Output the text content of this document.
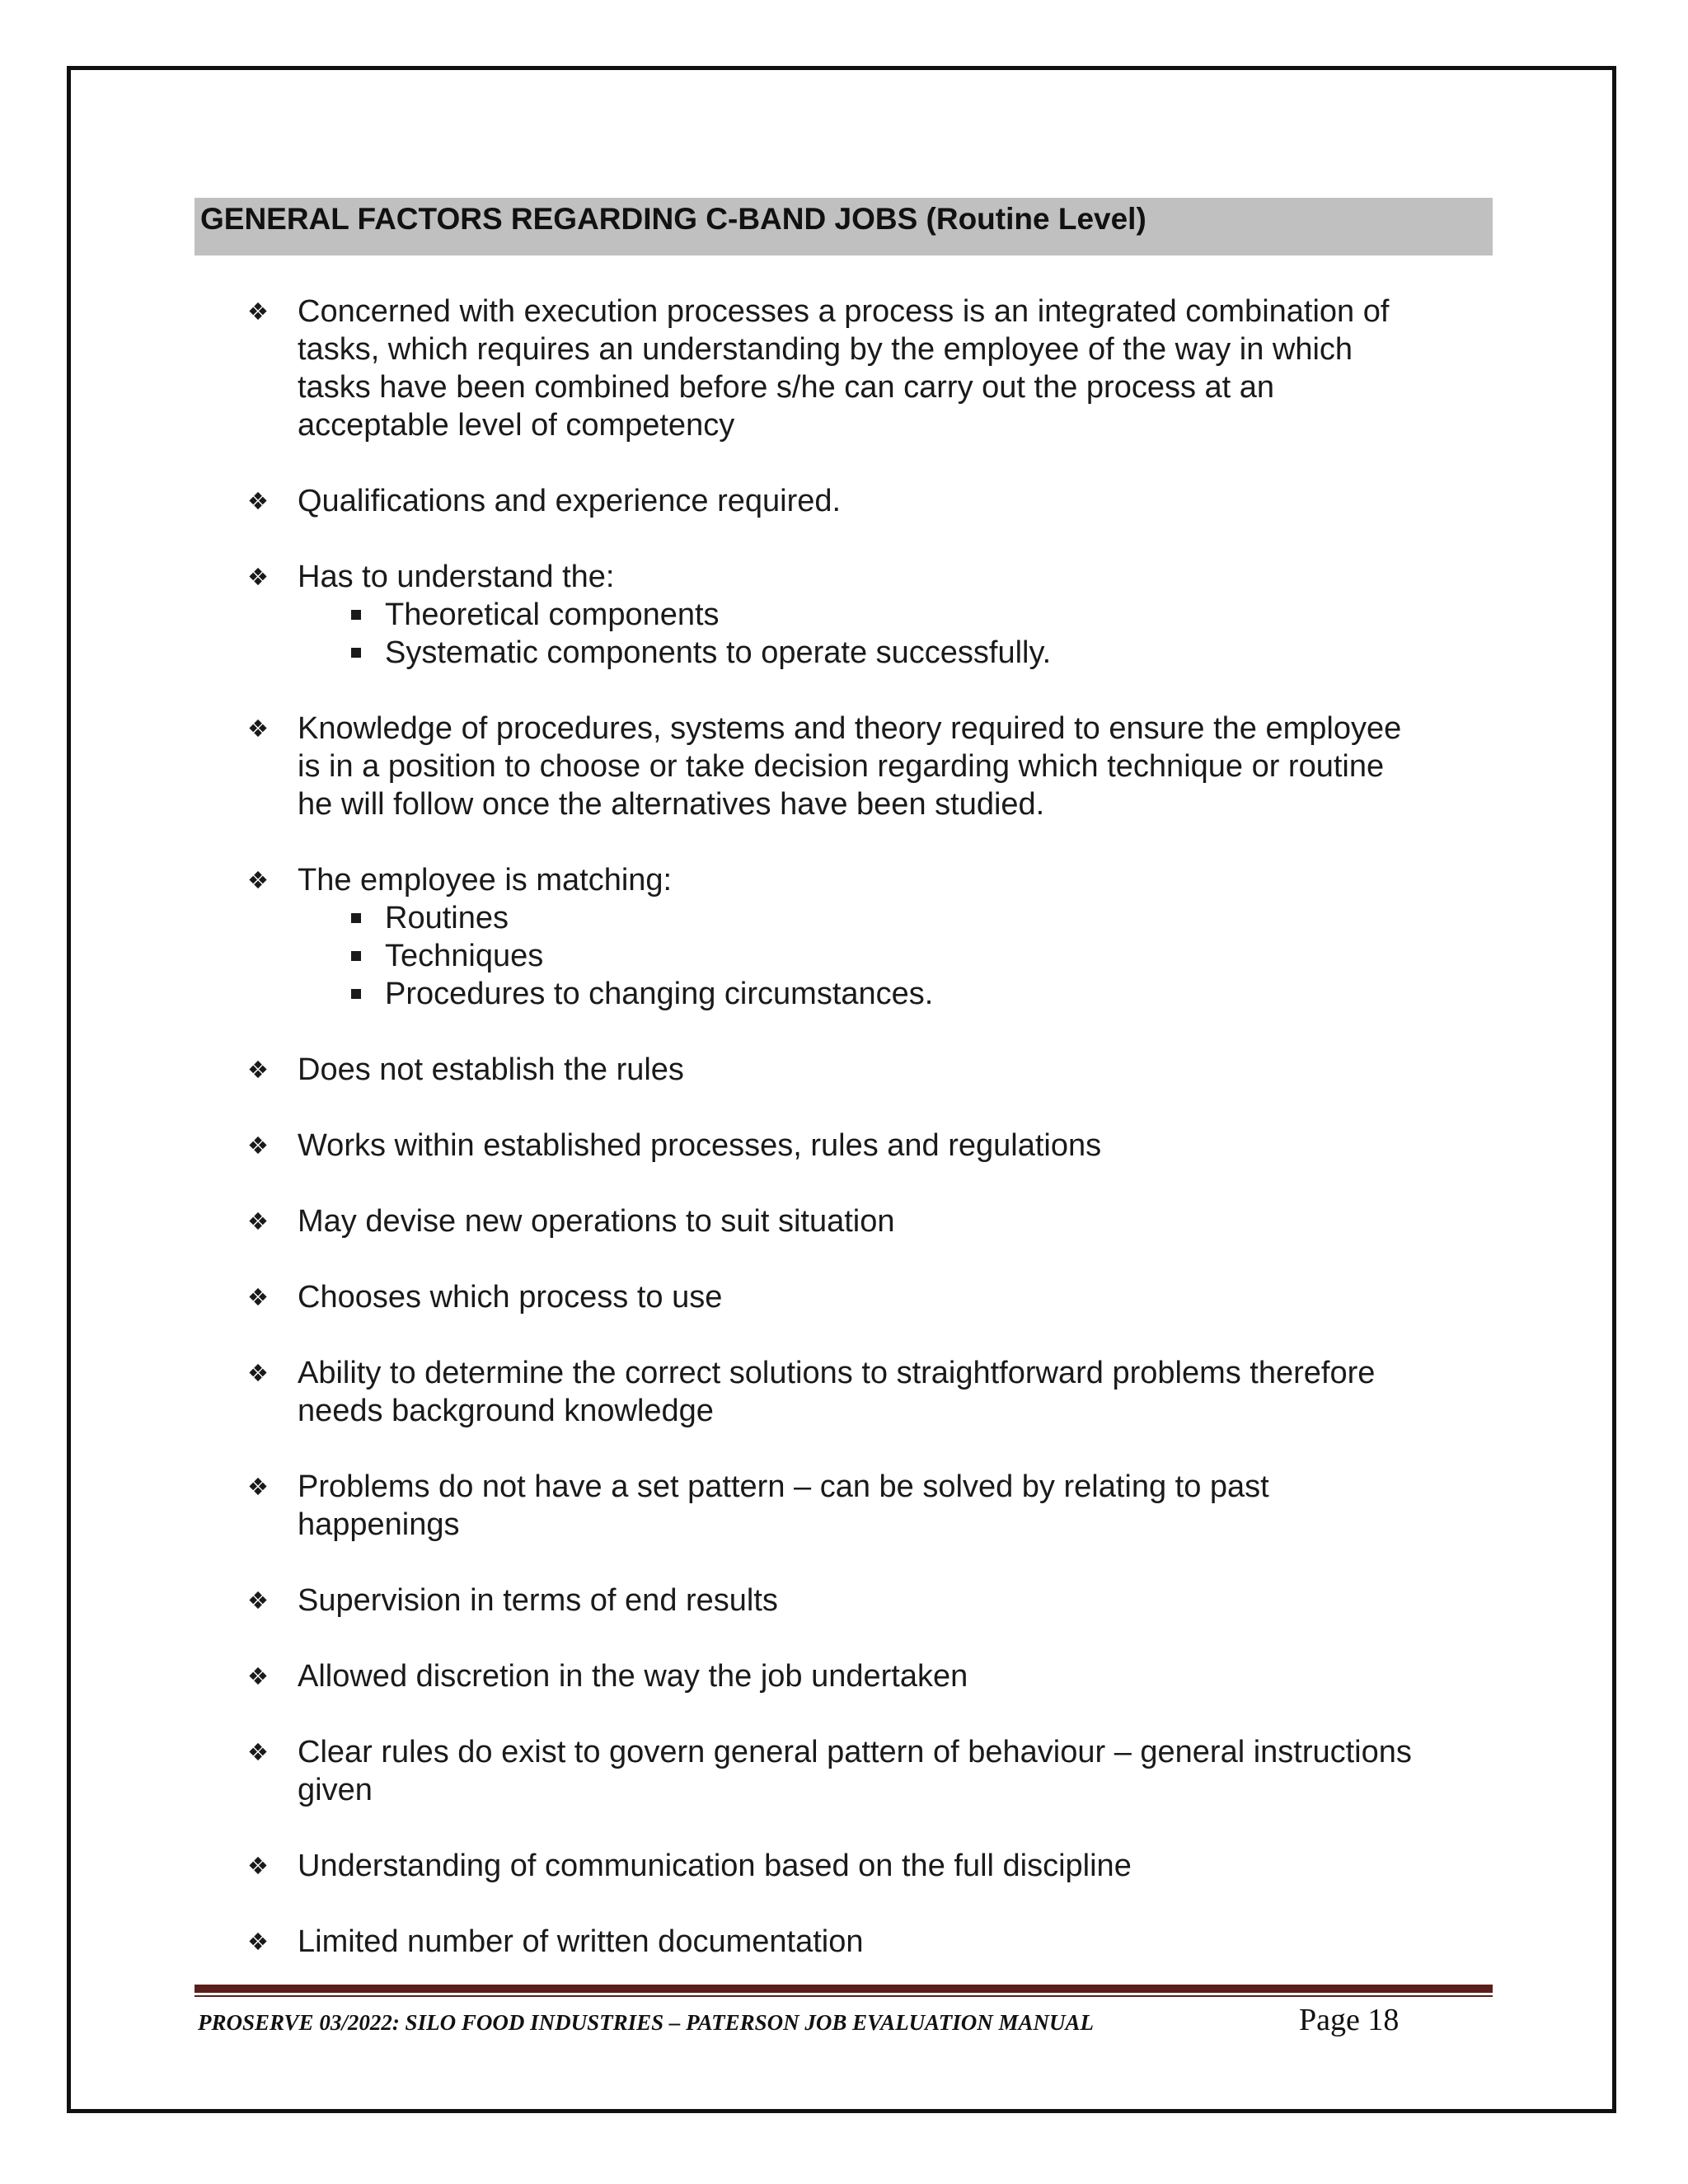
GENERAL FACTORS REGARDING C-BAND JOBS (Routine Level)
❖ Concerned with execution processes a process is an integrated combination of
tasks, which requires an understanding by the employee of the way in which
tasks have been combined before s/he can carry out the process at an
acceptable level of competency
❖ Qualifications and experience required.
❖ Has to understand the:
Theoretical components
Systematic components to operate successfully.
❖ Knowledge of procedures, systems and theory required to ensure the employee
is in a position to choose or take decision regarding which technique or routine
he will follow once the alternatives have been studied.
❖ The employee is matching:
Routines
Techniques
Procedures to changing circumstances.
❖ Does not establish the rules
❖ Works within established processes, rules and regulations
❖ May devise new operations to suit situation
❖ Chooses which process to use
❖ Ability to determine the correct solutions to straightforward problems therefore
needs background knowledge
❖ Problems do not have a set pattern – can be solved by relating to past
happenings
❖ Supervision in terms of end results
❖ Allowed discretion in the way the job undertaken
❖ Clear rules do exist to govern general pattern of behaviour – general instructions
given
❖ Understanding of communication based on the full discipline
❖ Limited number of written documentation
PROSERVE 03/2022: SILO FOOD INDUSTRIES – PATERSON JOB EVALUATION MANUAL	Page 18
